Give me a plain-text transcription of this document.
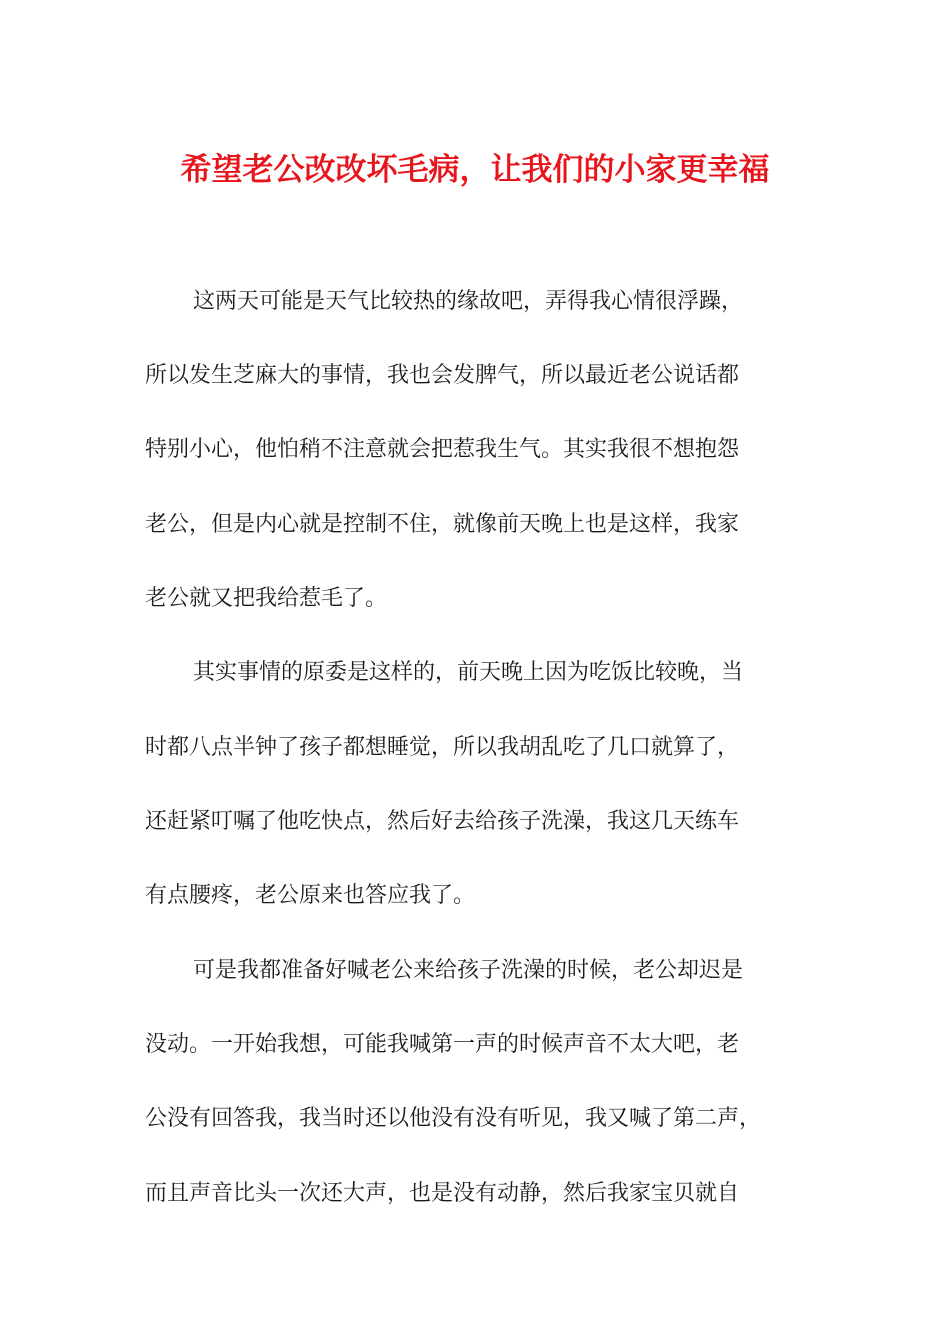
希望老公改改坏毛病，让我们的小家更幸福

这两天可能是天气比较热的缘故吧，弄得我心情很浮躁，

所以发生芝麻大的事情，我也会发脾气，所以最近老公说话都

特别小心，他怕稍不注意就会把惹我生气。其实我很不想抱怨

老公，但是内心就是控制不住，就像前天晚上也是这样，我家

老公就又把我给惹毛了。

其实事情的原委是这样的，前天晚上因为吃饭比较晚，当

时都八点半钟了孩子都想睡觉，所以我胡乱吃了几口就算了，

还赶紧叮嘱了他吃快点，然后好去给孩子洗澡，我这几天练车

有点腰疼，老公原来也答应我了。

可是我都准备好喊老公来给孩子洗澡的时候，老公却迟是

没动。一开始我想，可能我喊第一声的时候声音不太大吧，老

公没有回答我，我当时还以他没有没有听见，我又喊了第二声，

而且声音比头一次还大声，也是没有动静，然后我家宝贝就自
